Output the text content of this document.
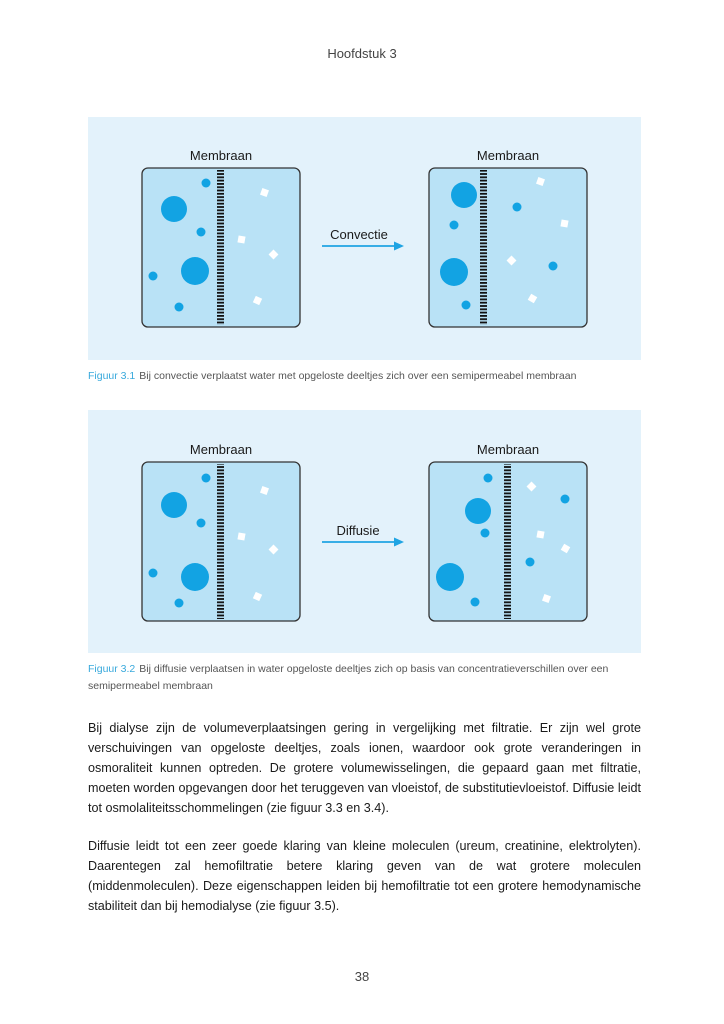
Hoofdstuk 3
Membraan
Convectie
Membraan
Figuur 3.1 Bij convectie verplaatst water met opgeloste deeltjes zich over een semipermeabel membraan
Membraan
Diffusie
Membraan
Figuur 3.2 Bij diffusie verplaatsen in water opgeloste deeltjes zich op basis van concentratieverschillen over een semipermeabel membraan

Bij dialyse zijn de volumeverplaatsingen gering in vergelijking met filtratie. Er zijn wel grote verschuivingen van opgeloste deeltjes, zoals ionen, waardoor ook grote veranderingen in osmoraliteit kunnen optreden. De grotere volumewisselingen, die gepaard gaan met filtratie, moeten worden opgevangen door het teruggeven van vloeistof, de substitutievloeistof. Diffusie leidt tot osmolaliteitsschommelingen (zie figuur 3.3 en 3.4).

Diffusie leidt tot een zeer goede klaring van kleine moleculen (ureum, creatinine, elektrolyten). Daarentegen zal hemofiltratie betere klaring geven van de wat grotere moleculen (middenmoleculen). Deze eigenschappen leiden bij hemofiltratie tot een grotere hemodynamische stabiliteit dan bij hemodialyse (zie figuur 3.5).

38
